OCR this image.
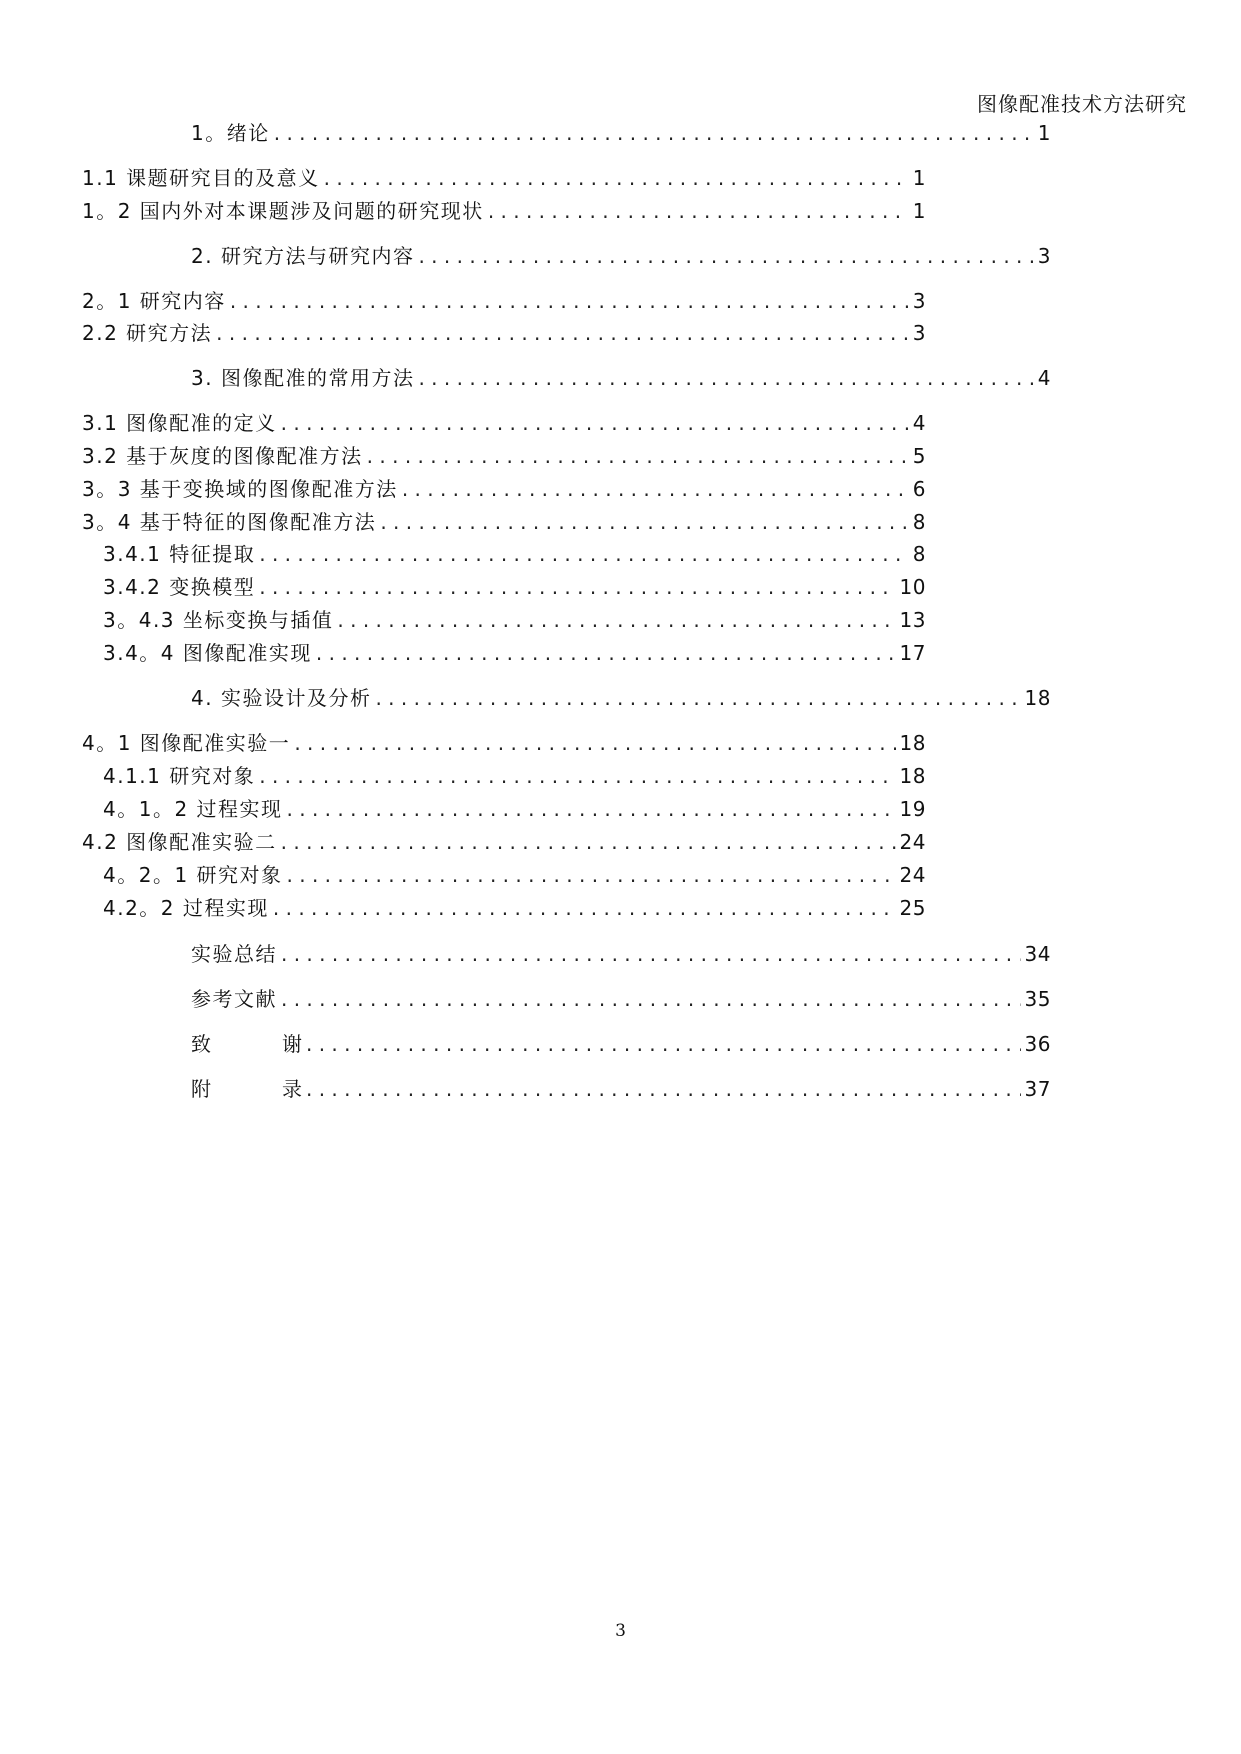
图像配准技术方法研究
1。绪论 . . .	1
1.1 课题研究目的及意义 . . .	1
1。2 国内外对本课题涉及问题的研究现状 . . .	1
2. 研究方法与研究内容 . . .	3
2。1 研究内容 . . .	3
2.2 研究方法 . . .	3
3. 图像配准的常用方法 . . .	4
3.1 图像配准的定义 . . .	4
3.2 基于灰度的图像配准方法 . . .	5
3。3 基于变换域的图像配准方法 . . .	6
3。4 基于特征的图像配准方法 . . .	8
3.4.1 特征提取 . . .	8
3.4.2 变换模型 . . .	10
3。4.3 坐标变换与插值 . . .	13
3.4。4 图像配准实现 . . .	17
4. 实验设计及分析 . . .	18
4。1 图像配准实验一 . . .	18
4.1.1 研究对象 . . .	18
4。1。2 过程实现 . . .	19
4.2 图像配准实验二 . . .	24
4。2。1 研究对象 . . .	24
4.2。2 过程实现 . . .	25
实验总结 . . .	34
参考文献 . . .	35
致	谢 . . .	36
附	录 . . .	37
3
